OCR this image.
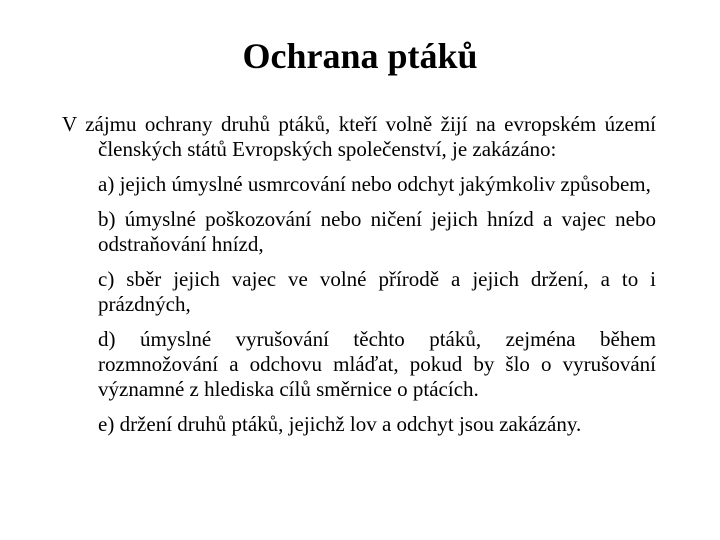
Ochrana ptáků

V zájmu ochrany druhů ptáků, kteří volně žijí na evropském území členských států Evropských společenství, je zakázáno:

a) jejich úmyslné usmrcování nebo odchyt jakýmkoliv způsobem,

b) úmyslné poškozování nebo ničení jejich hnízd a vajec nebo odstraňování hnízd,

c) sběr jejich vajec ve volné přírodě a jejich držení, a to i prázdných,

d) úmyslné vyrušování těchto ptáků, zejména během rozmnožování a odchovu mláďat, pokud by šlo o vyrušování významné z hlediska cílů směrnice o ptácích.

e) držení druhů ptáků, jejichž lov a odchyt jsou zakázány.
